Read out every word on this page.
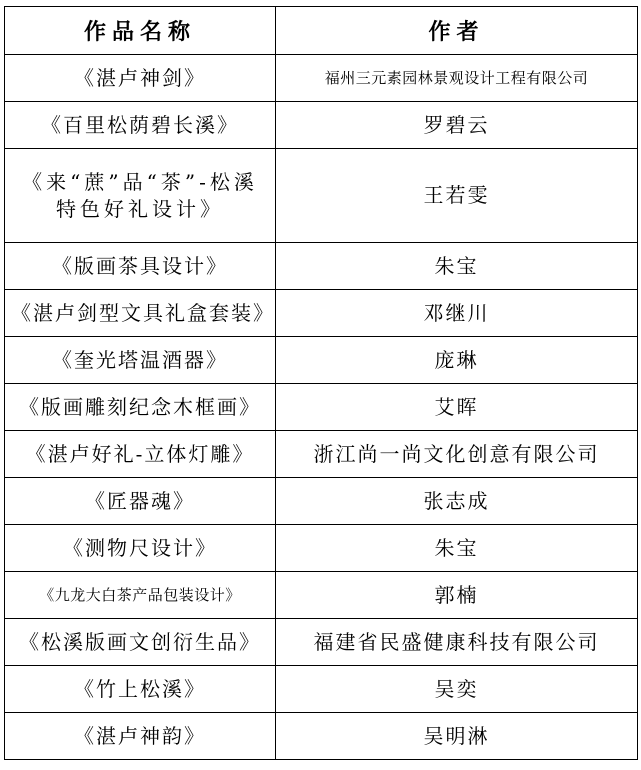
作品名称	作者
《湛卢神剑》	福州三元素园林景观设计工程有限公司
《百里松荫碧长溪》	罗碧云
《来“蔗”品“茶”-松溪特色好礼设计》	王若雯
《版画茶具设计》	朱宝
《湛卢剑型文具礼盒套装》	邓继川
《奎光塔温酒器》	庞琳
《版画雕刻纪念木框画》	艾晖
《湛卢好礼-立体灯雕》	浙江尚一尚文化创意有限公司
《匠器魂》	张志成
《测物尺设计》	朱宝
《九龙大白茶产品包装设计》	郭楠
《松溪版画文创衍生品》	福建省民盛健康科技有限公司
《竹上松溪》	吴奕
《湛卢神韵》	吴明淋
